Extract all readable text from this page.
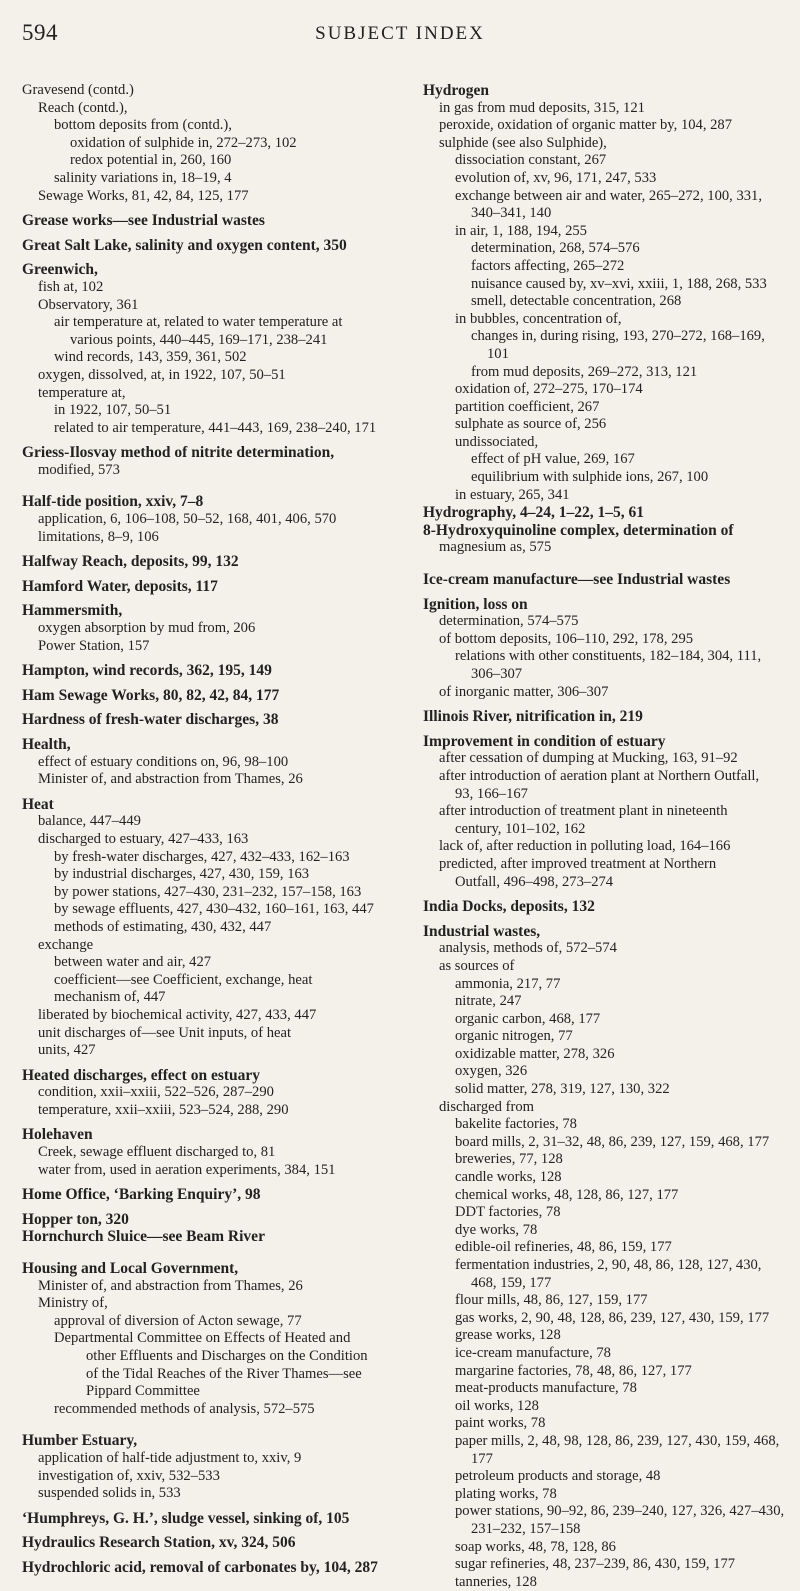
594	SUBJECT INDEX
Gravesend (contd.)
Reach (contd.),
bottom deposits from (contd.),
oxidation of sulphide in, 272–273, 102
redox potential in, 260, 160
salinity variations in, 18–19, 4
Sewage Works, 81, 42, 84, 125, 177
Grease works—see Industrial wastes
Great Salt Lake, salinity and oxygen content, 350
Greenwich,
fish at, 102
Observatory, 361
air temperature at, related to water temperature at
various points, 440–445, 169–171, 238–241
wind records, 143, 359, 361, 502
oxygen, dissolved, at, in 1922, 107, 50–51
temperature at,
in 1922, 107, 50–51
related to air temperature, 441–443, 169, 238–240, 171
Griess-Ilosvay method of nitrite determination,
modified, 573
Half-tide position, xxiv, 7–8
application, 6, 106–108, 50–52, 168, 401, 406, 570
limitations, 8–9, 106
Halfway Reach, deposits, 99, 132
Hamford Water, deposits, 117
Hammersmith,
oxygen absorption by mud from, 206
Power Station, 157
Hampton, wind records, 362, 195, 149
Ham Sewage Works, 80, 82, 42, 84, 177
Hardness of fresh-water discharges, 38
Health,
effect of estuary conditions on, 96, 98–100
Minister of, and abstraction from Thames, 26
Heat
balance, 447–449
discharged to estuary, 427–433, 163
by fresh-water discharges, 427, 432–433, 162–163
by industrial discharges, 427, 430, 159, 163
by power stations, 427–430, 231–232, 157–158, 163
by sewage effluents, 427, 430–432, 160–161, 163, 447
methods of estimating, 430, 432, 447
exchange
between water and air, 427
coefficient—see Coefficient, exchange, heat
mechanism of, 447
liberated by biochemical activity, 427, 433, 447
unit discharges of—see Unit inputs, of heat
units, 427
Heated discharges, effect on estuary
condition, xxii–xxiii, 522–526, 287–290
temperature, xxii–xxiii, 523–524, 288, 290
Holehaven
Creek, sewage effluent discharged to, 81
water from, used in aeration experiments, 384, 151
Home Office, ‘Barking Enquiry’, 98
Hopper ton, 320
Hornchurch Sluice—see Beam River
Housing and Local Government,
Minister of, and abstraction from Thames, 26
Ministry of,
approval of diversion of Acton sewage, 77
Departmental Committee on Effects of Heated and
other Effluents and Discharges on the Condition
of the Tidal Reaches of the River Thames—see
Pippard Committee
recommended methods of analysis, 572–575
Humber Estuary,
application of half-tide adjustment to, xxiv, 9
investigation of, xxiv, 532–533
suspended solids in, 533
‘Humphreys, G. H.’, sludge vessel, sinking of, 105
Hydraulics Research Station, xv, 324, 506
Hydrochloric acid, removal of carbonates by, 104, 287
Hydrogen
in gas from mud deposits, 315, 121
peroxide, oxidation of organic matter by, 104, 287
sulphide (see also Sulphide),
dissociation constant, 267
evolution of, xv, 96, 171, 247, 533
exchange between air and water, 265–272, 100, 331,
340–341, 140
in air, 1, 188, 194, 255
determination, 268, 574–576
factors affecting, 265–272
nuisance caused by, xv–xvi, xxiii, 1, 188, 268, 533
smell, detectable concentration, 268
in bubbles, concentration of,
changes in, during rising, 193, 270–272, 168–169,
101
from mud deposits, 269–272, 313, 121
oxidation of, 272–275, 170–174
partition coefficient, 267
sulphate as source of, 256
undissociated,
effect of pH value, 269, 167
equilibrium with sulphide ions, 267, 100
in estuary, 265, 341
Hydrography, 4–24, 1–22, 1–5, 61
8-Hydroxyquinoline complex, determination of
magnesium as, 575
Ice-cream manufacture—see Industrial wastes
Ignition, loss on
determination, 574–575
of bottom deposits, 106–110, 292, 178, 295
relations with other constituents, 182–184, 304, 111,
306–307
of inorganic matter, 306–307
Illinois River, nitrification in, 219
Improvement in condition of estuary
after cessation of dumping at Mucking, 163, 91–92
after introduction of aeration plant at Northern Outfall,
93, 166–167
after introduction of treatment plant in nineteenth
century, 101–102, 162
lack of, after reduction in polluting load, 164–166
predicted, after improved treatment at Northern
Outfall, 496–498, 273–274
India Docks, deposits, 132
Industrial wastes,
analysis, methods of, 572–574
as sources of
ammonia, 217, 77
nitrate, 247
organic carbon, 468, 177
organic nitrogen, 77
oxidizable matter, 278, 326
oxygen, 326
solid matter, 278, 319, 127, 130, 322
discharged from
bakelite factories, 78
board mills, 2, 31–32, 48, 86, 239, 127, 159, 468, 177
breweries, 77, 128
candle works, 128
chemical works, 48, 128, 86, 127, 177
DDT factories, 78
dye works, 78
edible-oil refineries, 48, 86, 159, 177
fermentation industries, 2, 90, 48, 86, 128, 127, 430,
468, 159, 177
flour mills, 48, 86, 127, 159, 177
gas works, 2, 90, 48, 128, 86, 239, 127, 430, 159, 177
grease works, 128
ice-cream manufacture, 78
margarine factories, 78, 48, 86, 127, 177
meat-products manufacture, 78
oil works, 128
paint works, 78
paper mills, 2, 48, 98, 128, 86, 239, 127, 430, 159, 468,
177
petroleum products and storage, 48
plating works, 78
power stations, 90–92, 86, 239–240, 127, 326, 427–430,
231–232, 157–158
soap works, 48, 78, 128, 86
sugar refineries, 48, 237–239, 86, 430, 159, 177
tanneries, 128
